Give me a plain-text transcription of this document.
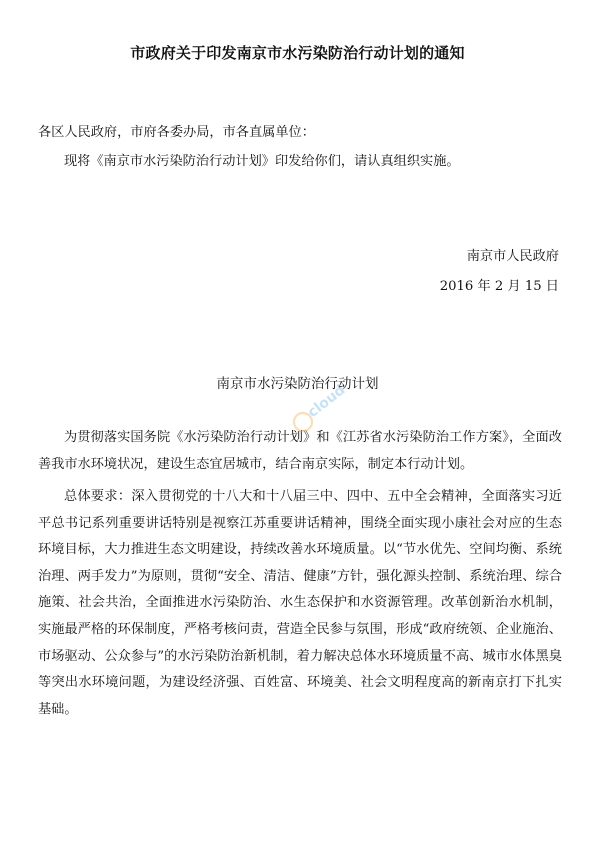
市政府关于印发南京市水污染防治行动计划的通知
各区人民政府，市府各委办局，市各直属单位：
现将《南京市水污染防治行动计划》印发给你们，请认真组织实施。
南京市人民政府
2016 年 2 月 15 日
南京市水污染防治行动计划

为贯彻落实国务院《水污染防治行动计划》和《江苏省水污染防治工作方案》，全面改善我市水环境状况，建设生态宜居城市，结合南京实际，制定本行动计划。

总体要求：深入贯彻党的十八大和十八届三中、四中、五中全会精神，全面落实习近平总书记系列重要讲话特别是视察江苏重要讲话精神，围绕全面实现小康社会对应的生态环境目标，大力推进生态文明建设，持续改善水环境质量。以“节水优先、空间均衡、系统治理、两手发力”为原则，贯彻“安全、清洁、健康”方针，强化源头控制、系统治理、综合施策、社会共治，全面推进水污染防治、水生态保护和水资源管理。改革创新治水机制，实施最严格的环保制度，严格考核问责，营造全民参与氛围，形成“政府统领、企业施治、市场驱动、公众参与”的水污染防治新机制，着力解决总体水环境质量不高、城市水体黑臭等突出水环境问题，为建设经济强、百姓富、环境美、社会文明程度高的新南京打下扎实基础。

cloud
